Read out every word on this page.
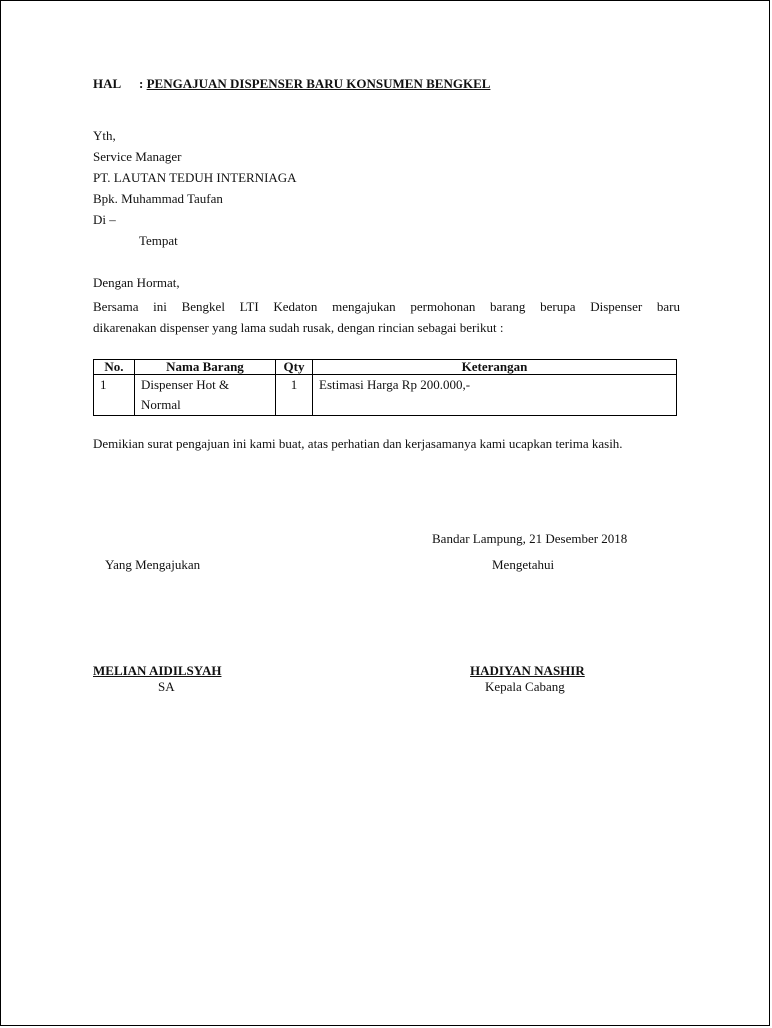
HAL : PENGAJUAN DISPENSER BARU KONSUMEN BENGKEL
Yth,
Service Manager
PT. LAUTAN TEDUH INTERNIAGA
Bpk. Muhammad Taufan
Di –
Tempat
Dengan Hormat,
Bersama ini Bengkel LTI Kedaton mengajukan permohonan barang berupa Dispenser baru
dikarenakan dispenser yang lama sudah rusak, dengan rincian sebagai berikut :
No.	Nama Barang	Qty	Keterangan
1	Dispenser Hot & Normal	1	Estimasi Harga Rp 200.000,-
Demikian surat pengajuan ini kami buat, atas perhatian dan kerjasamanya kami ucapkan terima kasih.
Bandar Lampung, 21 Desember 2018
Yang Mengajukan	Mengetahui
MELIAN AIDILSYAH
SA
HADIYAN NASHIR
Kepala Cabang
